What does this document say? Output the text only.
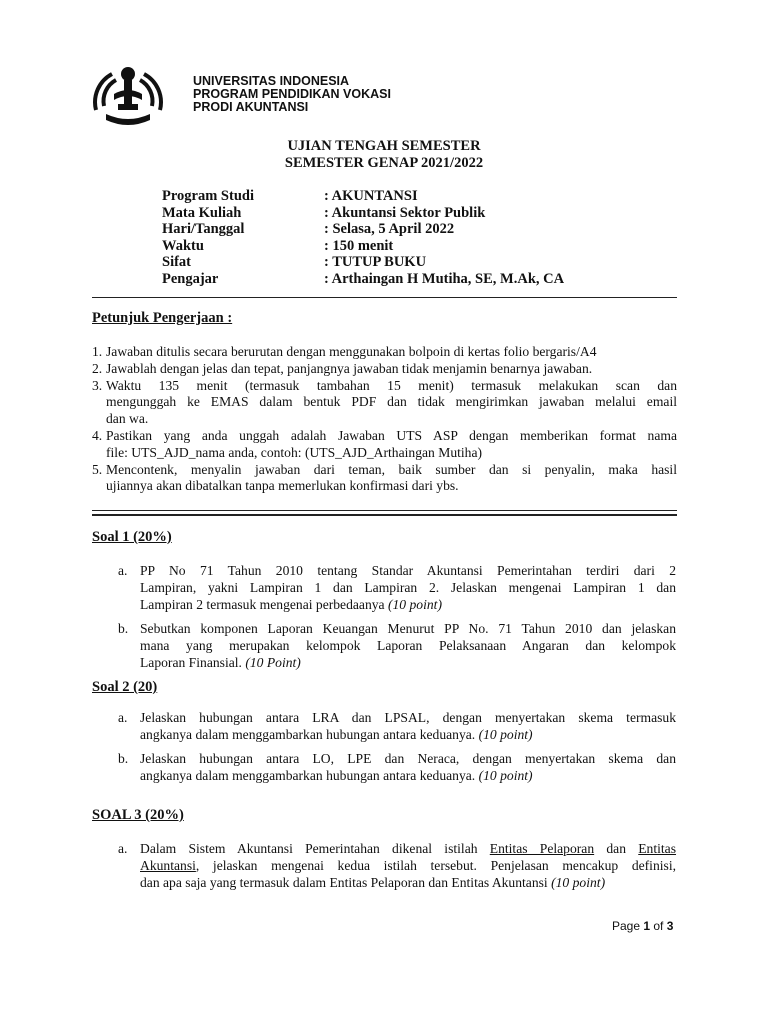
UNIVERSITAS INDONESIA
PROGRAM PENDIDIKAN VOKASI
PRODI AKUNTANSI
UJIAN TENGAH SEMESTER
SEMESTER GENAP 2021/2022
Program Studi	: AKUNTANSI
Mata Kuliah	: Akuntansi Sektor Publik
Hari/Tanggal	: Selasa, 5 April 2022
Waktu	: 150 menit
Sifat	: TUTUP BUKU
Pengajar	: Arthaingan H Mutiha, SE, M.Ak, CA
Petunjuk Pengerjaan :
1. Jawaban ditulis secara berurutan dengan menggunakan bolpoin di kertas folio bergaris/A4
2. Jawablah dengan jelas dan tepat, panjangnya jawaban tidak menjamin benarnya jawaban.
3. Waktu 135 menit (termasuk tambahan 15 menit) termasuk melakukan scan dan
mengunggah ke EMAS dalam bentuk PDF dan tidak mengirimkan jawaban melalui email
dan wa.
4. Pastikan yang anda unggah adalah Jawaban UTS ASP dengan memberikan format nama
file: UTS_AJD_nama anda, contoh: (UTS_AJD_Arthaingan Mutiha)
5. Mencontenk, menyalin jawaban dari teman, baik sumber dan si penyalin, maka hasil
ujiannya akan dibatalkan tanpa memerlukan konfirmasi dari ybs.
Soal 1 (20%)
a. PP No 71 Tahun 2010 tentang Standar Akuntansi Pemerintahan terdiri dari 2
Lampiran, yakni Lampiran 1 dan Lampiran 2. Jelaskan mengenai Lampiran 1 dan
Lampiran 2 termasuk mengenai perbedaanya (10 point)
b. Sebutkan komponen Laporan Keuangan Menurut PP No. 71 Tahun 2010 dan jelaskan
mana yang merupakan kelompok Laporan Pelaksanaan Angaran dan kelompok
Laporan Finansial. (10 Point)
Soal 2 (20)
a. Jelaskan hubungan antara LRA dan LPSAL, dengan menyertakan skema termasuk
angkanya dalam menggambarkan hubungan antara keduanya. (10 point)
b. Jelaskan hubungan antara LO, LPE dan Neraca, dengan menyertakan skema dan
angkanya dalam menggambarkan hubungan antara keduanya. (10 point)
SOAL 3 (20%)
a. Dalam Sistem Akuntansi Pemerintahan dikenal istilah Entitas Pelaporan dan Entitas
Akuntansi, jelaskan mengenai kedua istilah tersebut. Penjelasan mencakup definisi,
dan apa saja yang termasuk dalam Entitas Pelaporan dan Entitas Akuntansi (10 point)
Page 1 of 3
